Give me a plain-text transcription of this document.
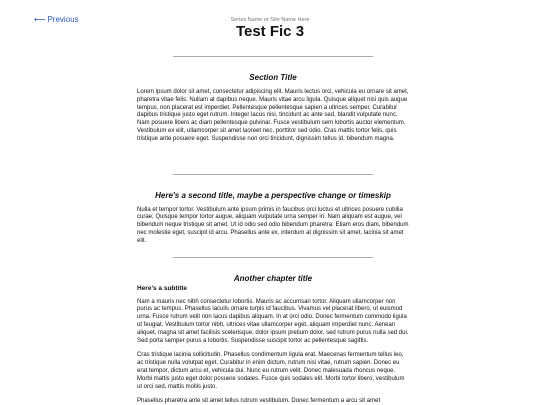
⟵ Previous	Series Name or Site Name Here
Test Fic 3
Section Title

Lorem ipsum dolor sit amet, consectetur adipiscing elit. Mauris lectus orci, vehicula eu ornare sit amet, pharetra vitae felis. Nullam at dapibus neque. Mauris vitae arcu ligula. Quisque aliquet nisi quis augue tempus, non placerat est imperdiet. Pellentesque pellentesque sapien a ultrices semper. Curabitur dapibus tristique justo eget rutrum. Integer lacus nisi, tincidunt ac ante sed, blandit vulputate nunc. Nam posuere libero ac diam pellentesque pulvinar. Fusce vestibulum sem lobortis auctor elementum. Vestibulum ex elit, ullamcorper sit amet laoreet nec, porttitor sed odio. Cras mattis tortor felis, quis tristique ante posuere eget. Suspendisse non orci tincidunt, dignissim tellus id, bibendum magna.

Here's a second title, maybe a perspective change or timeskip

Nulla et tempor tortor. Vestibulum ante ipsum primis in faucibus orci luctus et ultrices posuere cubilia curae; Quisque tempor tortor augue, aliquam vulputate urna semper in. Nam aliquam est augue, vel bibendum neque tristique sit amet. Ut id odio sed odio bibendum pharetra. Etiam eros diam, bibendum nec molestie eget, suscipit id arcu. Phasellus ante ex, interdum at dignissim sit amet, lacinia sit amet elit.

Another chapter title
Here's a subtitle

Nam a mauris nec nibh consectetur lobortis. Mauris ac accumsan tortor. Aliquam ullamcorper non purus ac tempus. Phasellus iaculis ornare turpis id faucibus. Vivamus vel placerat libero, ut euismod urna. Fusce rutrum velit non lacus dapibus aliquam. In at orci odio. Donec fermentum commodo ligula ut feugiat. Vestibulum tortor nibh, ultrices vitae ullamcorper eget, aliquam imperdiet nunc. Aenean aliquet, magna sit amet facilisis scelerisque, dolor ipsum pretium dolor, sed rutrum purus nulla sed dui. Sed porta semper purus a lobortis. Suspendisse suscipit tortor ac pellentesque sagittis.

Cras tristique lacinia sollicitudin. Phasellus condimentum ligula erat. Maecenas fermentum tellus leo, ac tristique nulla volutpat eget. Curabitur in enim dictum, rutrum nisi vitae, rutrum sapien. Donec eu erat tempor, dictum arcu et, vehicula dui. Nunc eu rutrum velit. Donec malesuada rhoncus neque. Morbi mattis justo eget dolor posuere sodales. Fusce quis sodales elit. Morbi tortor libero, vestibulum ut orci sed, mattis mollis justo.

Phasellus pharetra ante sit amet tellus rutrum vestibulum. Donec fermentum a arcu sit amet
